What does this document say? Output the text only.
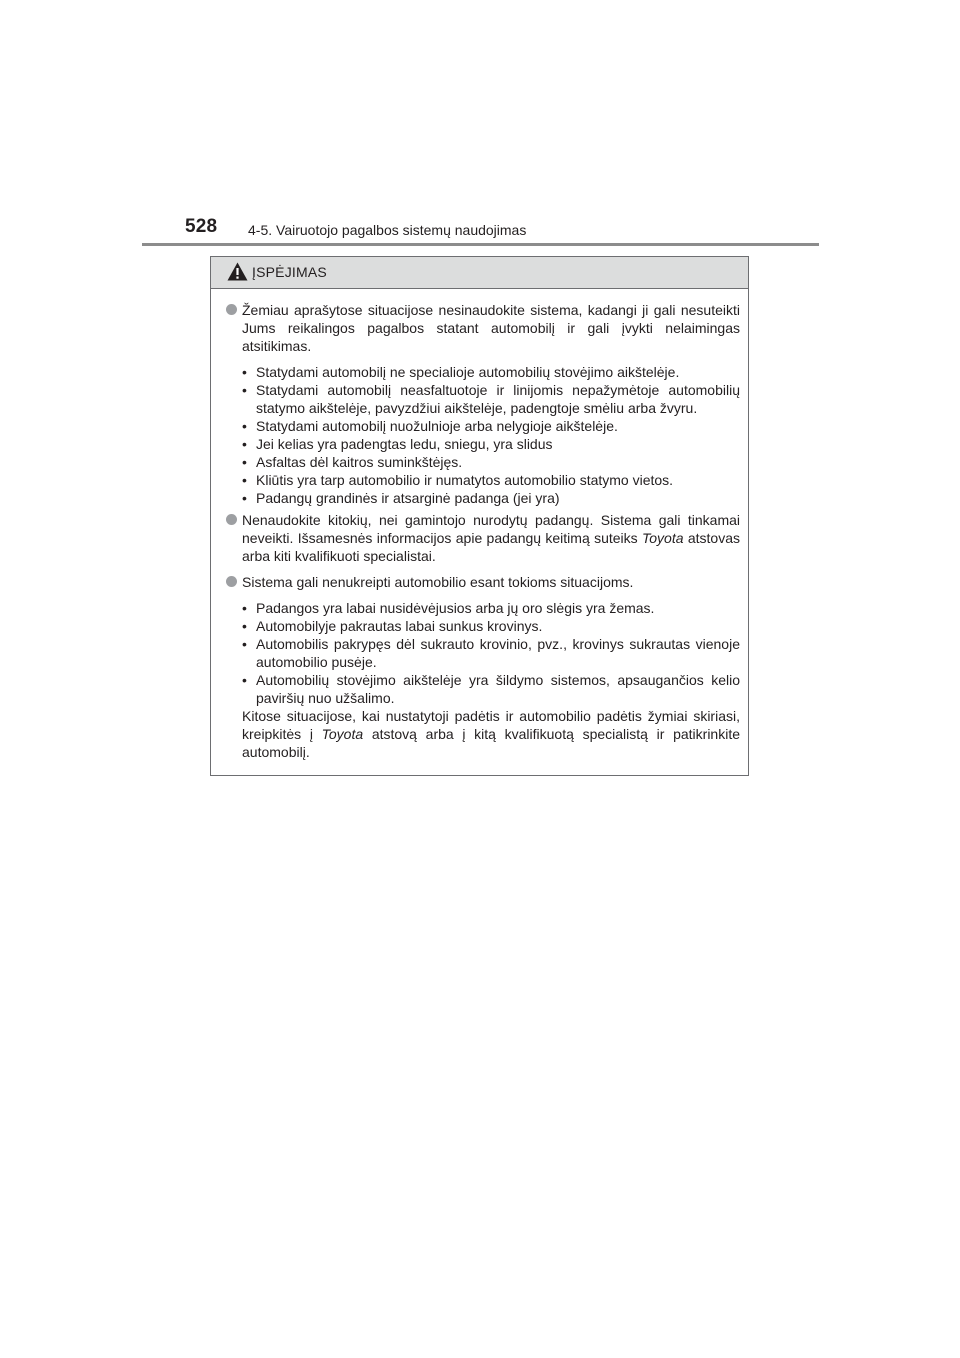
528 4-5. Vairuotojo pagalbos sistemų naudojimas
ĮSPĖJIMAS
Žemiau aprašytose situacijose nesinaudokite sistema, kadangi ji gali nesuteikti Jums reikalingos pagalbos statant automobilį ir gali įvykti nelaimingas atsitikimas.
• Statydami automobilį ne specialioje automobilių stovėjimo aikštelėje.
• Statydami automobilį neasfaltuotoje ir linijomis nepažymėtoje automobilių statymo aikštelėje, pavyzdžiui aikštelėje, padengtoje smėliu arba žvyru.
• Statydami automobilį nuožulnioje arba nelygioje aikštelėje.
• Jei kelias yra padengtas ledu, sniegu, yra slidus
• Asfaltas dėl kaitros suminkštėjęs.
• Kliūtis yra tarp automobilio ir numatytos automobilio statymo vietos.
• Padangų grandinės ir atsarginė padanga (jei yra)
Nenaudokite kitokių, nei gamintojo nurodytų padangų. Sistema gali tinkamai neveikti. Išsamesnės informacijos apie padangų keitimą suteiks Toyota atstovas arba kiti kvalifikuoti specialistai.
Sistema gali nenukreipti automobilio esant tokioms situacijoms.
• Padangos yra labai nusidėvėjusios arba jų oro slėgis yra žemas.
• Automobilyje pakrautas labai sunkus krovinys.
• Automobilis pakrypęs dėl sukrauto krovinio, pvz., krovinys sukrautas vienoje automobilio pusėje.
• Automobilių stovėjimo aikštelėje yra šildymo sistemos, apsaugančios kelio paviršių nuo užšalimo.
Kitose situacijose, kai nustatytoji padėtis ir automobilio padėtis žymiai skiriasi, kreipkitės į Toyota atstovą arba į kitą kvalifikuotą specialistą ir patikrinkite automobilį.
